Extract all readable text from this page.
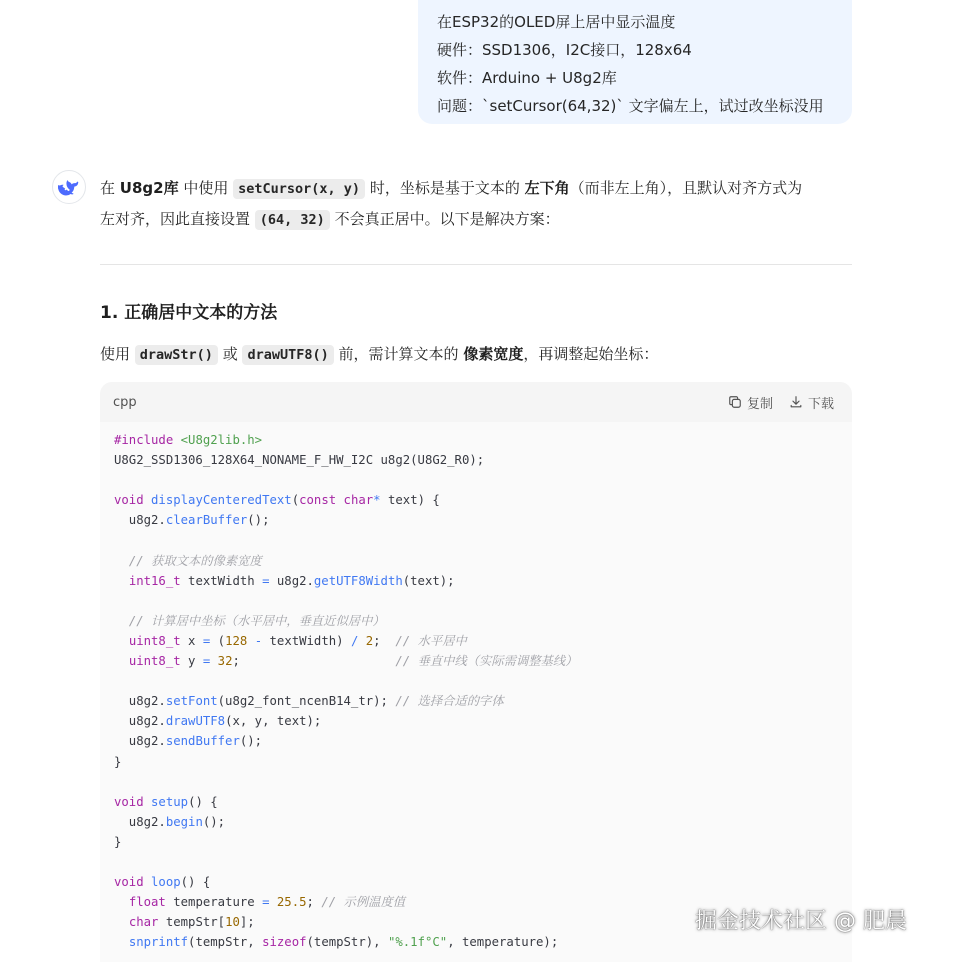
在ESP32的OLED屏上居中显示温度
硬件：SSD1306，I2C接口，128x64
软件：Arduino + U8g2库
问题：`setCursor(64,32)` 文字偏左上，试过改坐标没用
在 U8g2库 中使用 setCursor(x, y) 时，坐标是基于文本的 左下角（而非左上角），且默认对齐方式为
左对齐，因此直接设置 (64, 32) 不会真正居中。以下是解决方案：
1. 正确居中文本的方法
使用 drawStr() 或 drawUTF8() 前，需计算文本的 像素宽度，再调整起始坐标：
cpp	复制	下载
#include <U8g2lib.h>
U8G2_SSD1306_128X64_NONAME_F_HW_I2C u8g2(U8G2_R0);
void displayCenteredText(const char* text) {
u8g2.clearBuffer();
// 获取文本的像素宽度
int16_t textWidth = u8g2.getUTF8Width(text);
// 计算居中坐标（水平居中，垂直近似居中）
uint8_t x = (128 - textWidth) / 2;  // 水平居中
uint8_t y = 32;                     // 垂直中线（实际需调整基线）
u8g2.setFont(u8g2_font_ncenB14_tr); // 选择合适的字体
u8g2.drawUTF8(x, y, text);
u8g2.sendBuffer();
}
void setup() {
u8g2.begin();
}
void loop() {
float temperature = 25.5; // 示例温度值
char tempStr[10];
snprintf(tempStr, sizeof(tempStr), "%.1f°C", temperature);
掘金技术社区 @ 肥晨
